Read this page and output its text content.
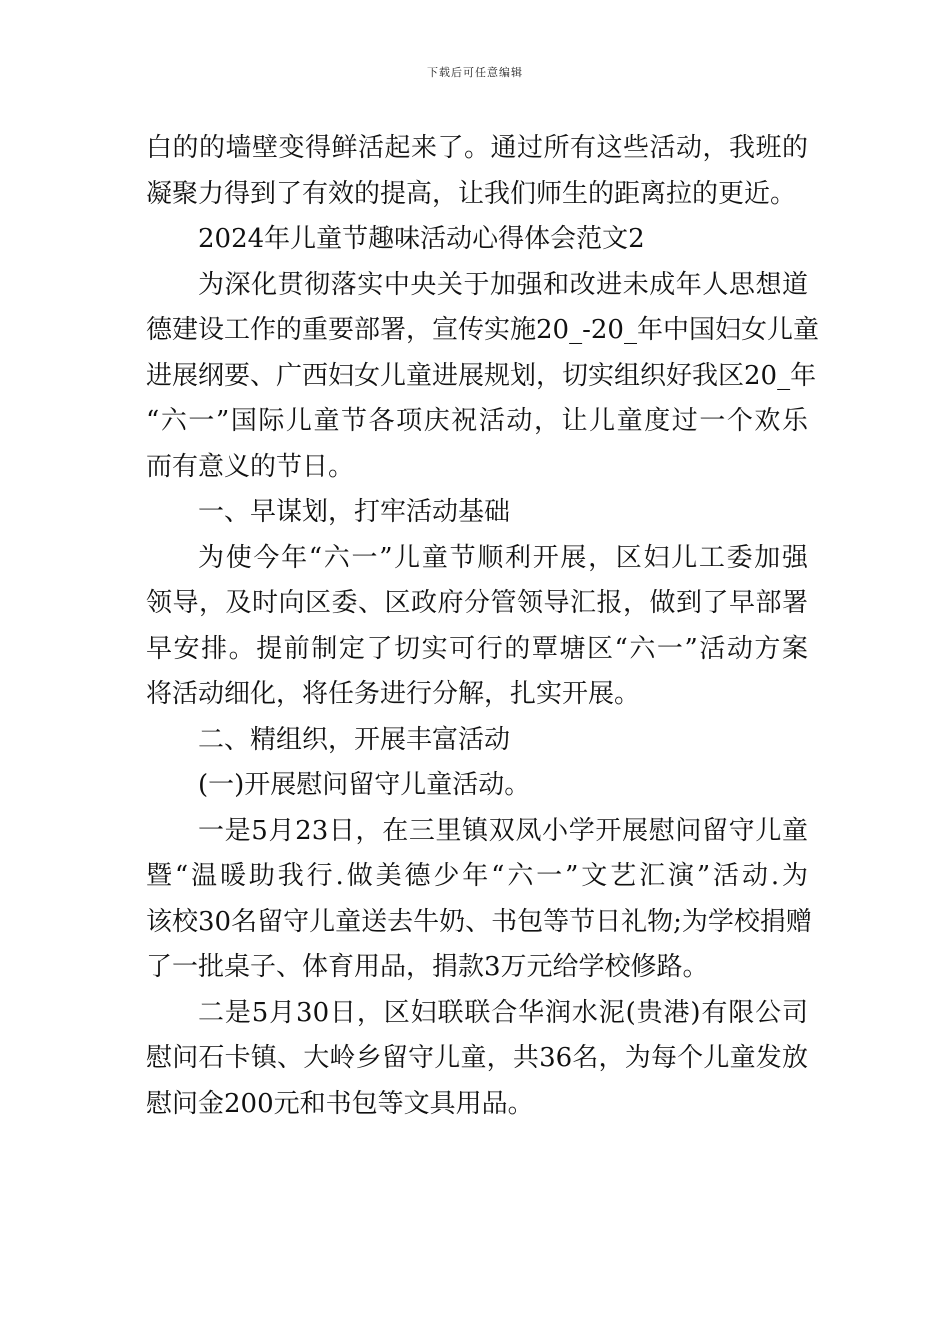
下载后可任意编辑
白的的墙壁变得鲜活起来了。通过所有这些活动，我班的
凝聚力得到了有效的提高，让我们师生的距离拉的更近。
2024年儿童节趣味活动心得体会范文2
为深化贯彻落实中央关于加强和改进未成年人思想道
德建设工作的重要部署，宣传实施20_-20_年中国妇女儿童
进展纲要、广西妇女儿童进展规划，切实组织好我区20_年
“六一”国际儿童节各项庆祝活动，让儿童度过一个欢乐
而有意义的节日。
一、早谋划，打牢活动基础
为使今年“六一”儿童节顺利开展，区妇儿工委加强
领导，及时向区委、区政府分管领导汇报，做到了早部署
早安排。提前制定了切实可行的覃塘区“六一”活动方案
将活动细化，将任务进行分解，扎实开展。
二、精组织，开展丰富活动
(一)开展慰问留守儿童活动。
一是5月23日，在三里镇双凤小学开展慰问留守儿童
暨“温暖助我行.做美德少年“六一”文艺汇演”活动.为
该校30名留守儿童送去牛奶、书包等节日礼物;为学校捐赠
了一批桌子、体育用品，捐款3万元给学校修路。
二是5月30日，区妇联联合华润水泥(贵港)有限公司
慰问石卡镇、大岭乡留守儿童，共36名，为每个儿童发放
慰问金200元和书包等文具用品。
